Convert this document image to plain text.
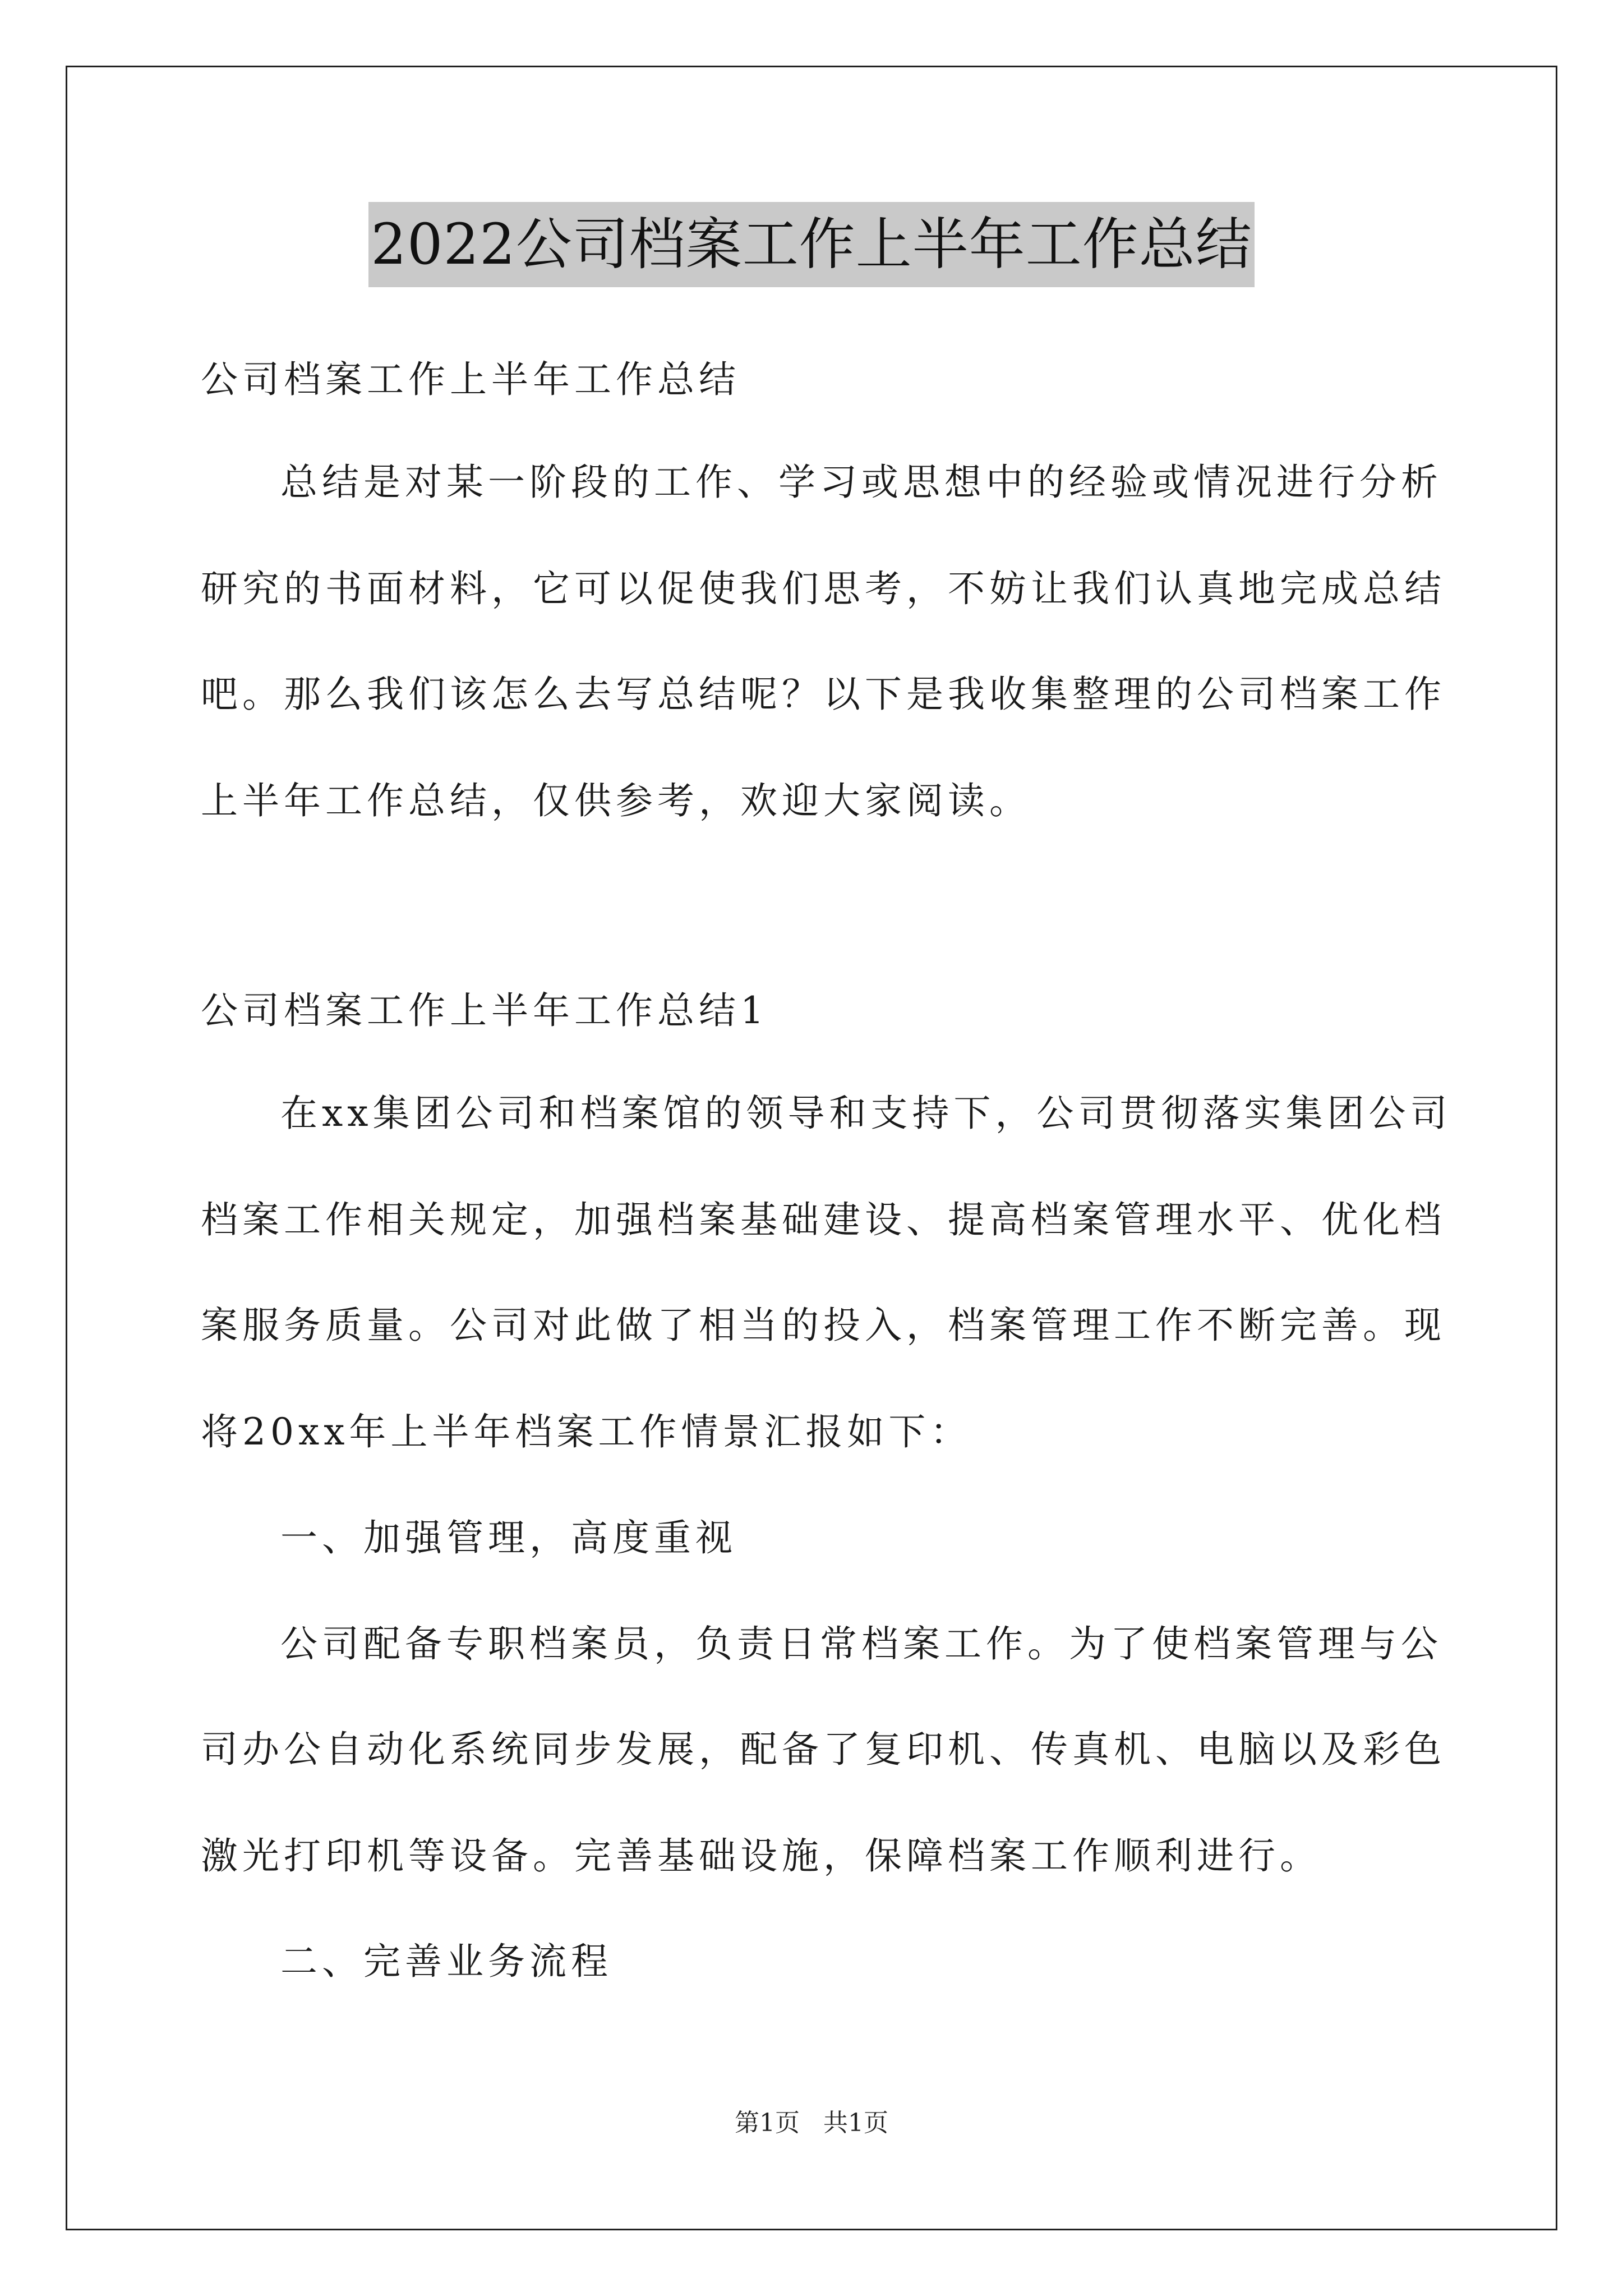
2022公司档案工作上半年工作总结
公司档案工作上半年工作总结
总结是对某一阶段的工作、学习或思想中的经验或情况进行分析
研究的书面材料，它可以促使我们思考，不妨让我们认真地完成总结
吧。那么我们该怎么去写总结呢？以下是我收集整理的公司档案工作
上半年工作总结，仅供参考，欢迎大家阅读。
公司档案工作上半年工作总结1
在xx集团公司和档案馆的领导和支持下，公司贯彻落实集团公司
档案工作相关规定，加强档案基础建设、提高档案管理水平、优化档
案服务质量。公司对此做了相当的投入，档案管理工作不断完善。现
将20xx年上半年档案工作情景汇报如下：
一、加强管理，高度重视
公司配备专职档案员，负责日常档案工作。为了使档案管理与公
司办公自动化系统同步发展，配备了复印机、传真机、电脑以及彩色
激光打印机等设备。完善基础设施，保障档案工作顺利进行。
二、完善业务流程
第1页 共1页
